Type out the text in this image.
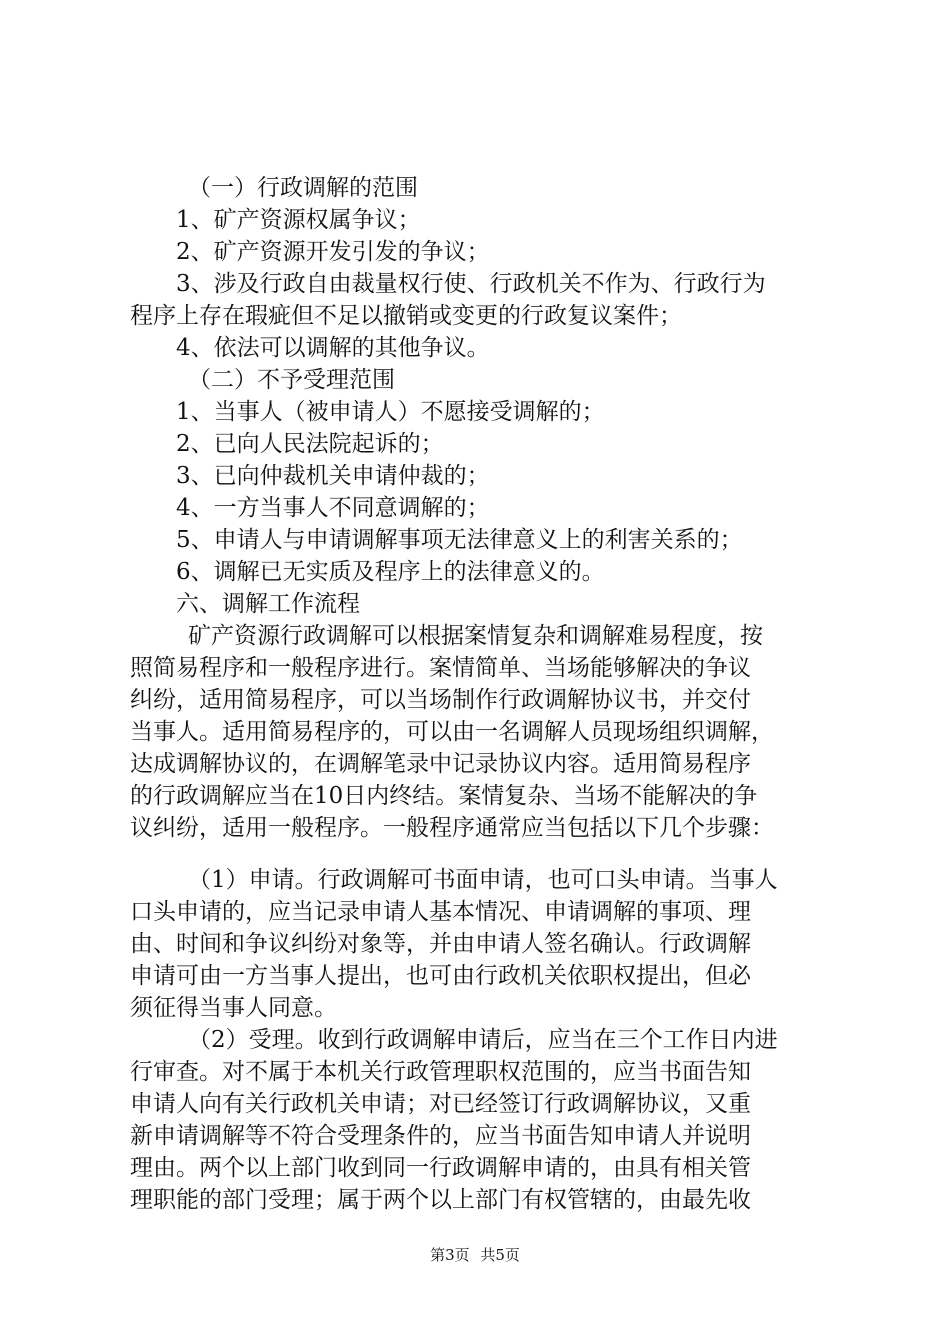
（一）行政调解的范围
1、矿产资源权属争议；
2、矿产资源开发引发的争议；
3、涉及行政自由裁量权行使、行政机关不作为、行政行为
程序上存在瑕疵但不足以撤销或变更的行政复议案件；
4、依法可以调解的其他争议。
（二）不予受理范围
1、当事人（被申请人）不愿接受调解的；
2、已向人民法院起诉的；
3、已向仲裁机关申请仲裁的；
4、一方当事人不同意调解的；
5、申请人与申请调解事项无法律意义上的利害关系的；
6、调解已无实质及程序上的法律意义的。
六、调解工作流程
矿产资源行政调解可以根据案情复杂和调解难易程度，按
照简易程序和一般程序进行。案情简单、当场能够解决的争议
纠纷，适用简易程序，可以当场制作行政调解协议书，并交付
当事人。适用简易程序的，可以由一名调解人员现场组织调解，
达成调解协议的，在调解笔录中记录协议内容。适用简易程序
的行政调解应当在10日内终结。案情复杂、当场不能解决的争
议纠纷，适用一般程序。一般程序通常应当包括以下几个步骤：
（1）申请。行政调解可书面申请，也可口头申请。当事人
口头申请的，应当记录申请人基本情况、申请调解的事项、理
由、时间和争议纠纷对象等，并由申请人签名确认。行政调解
申请可由一方当事人提出，也可由行政机关依职权提出，但必
须征得当事人同意。
（2）受理。收到行政调解申请后，应当在三个工作日内进
行审查。对不属于本机关行政管理职权范围的，应当书面告知
申请人向有关行政机关申请；对已经签订行政调解协议，又重
新申请调解等不符合受理条件的，应当书面告知申请人并说明
理由。两个以上部门收到同一行政调解申请的，由具有相关管
理职能的部门受理；属于两个以上部门有权管辖的，由最先收
第3页 共5页
